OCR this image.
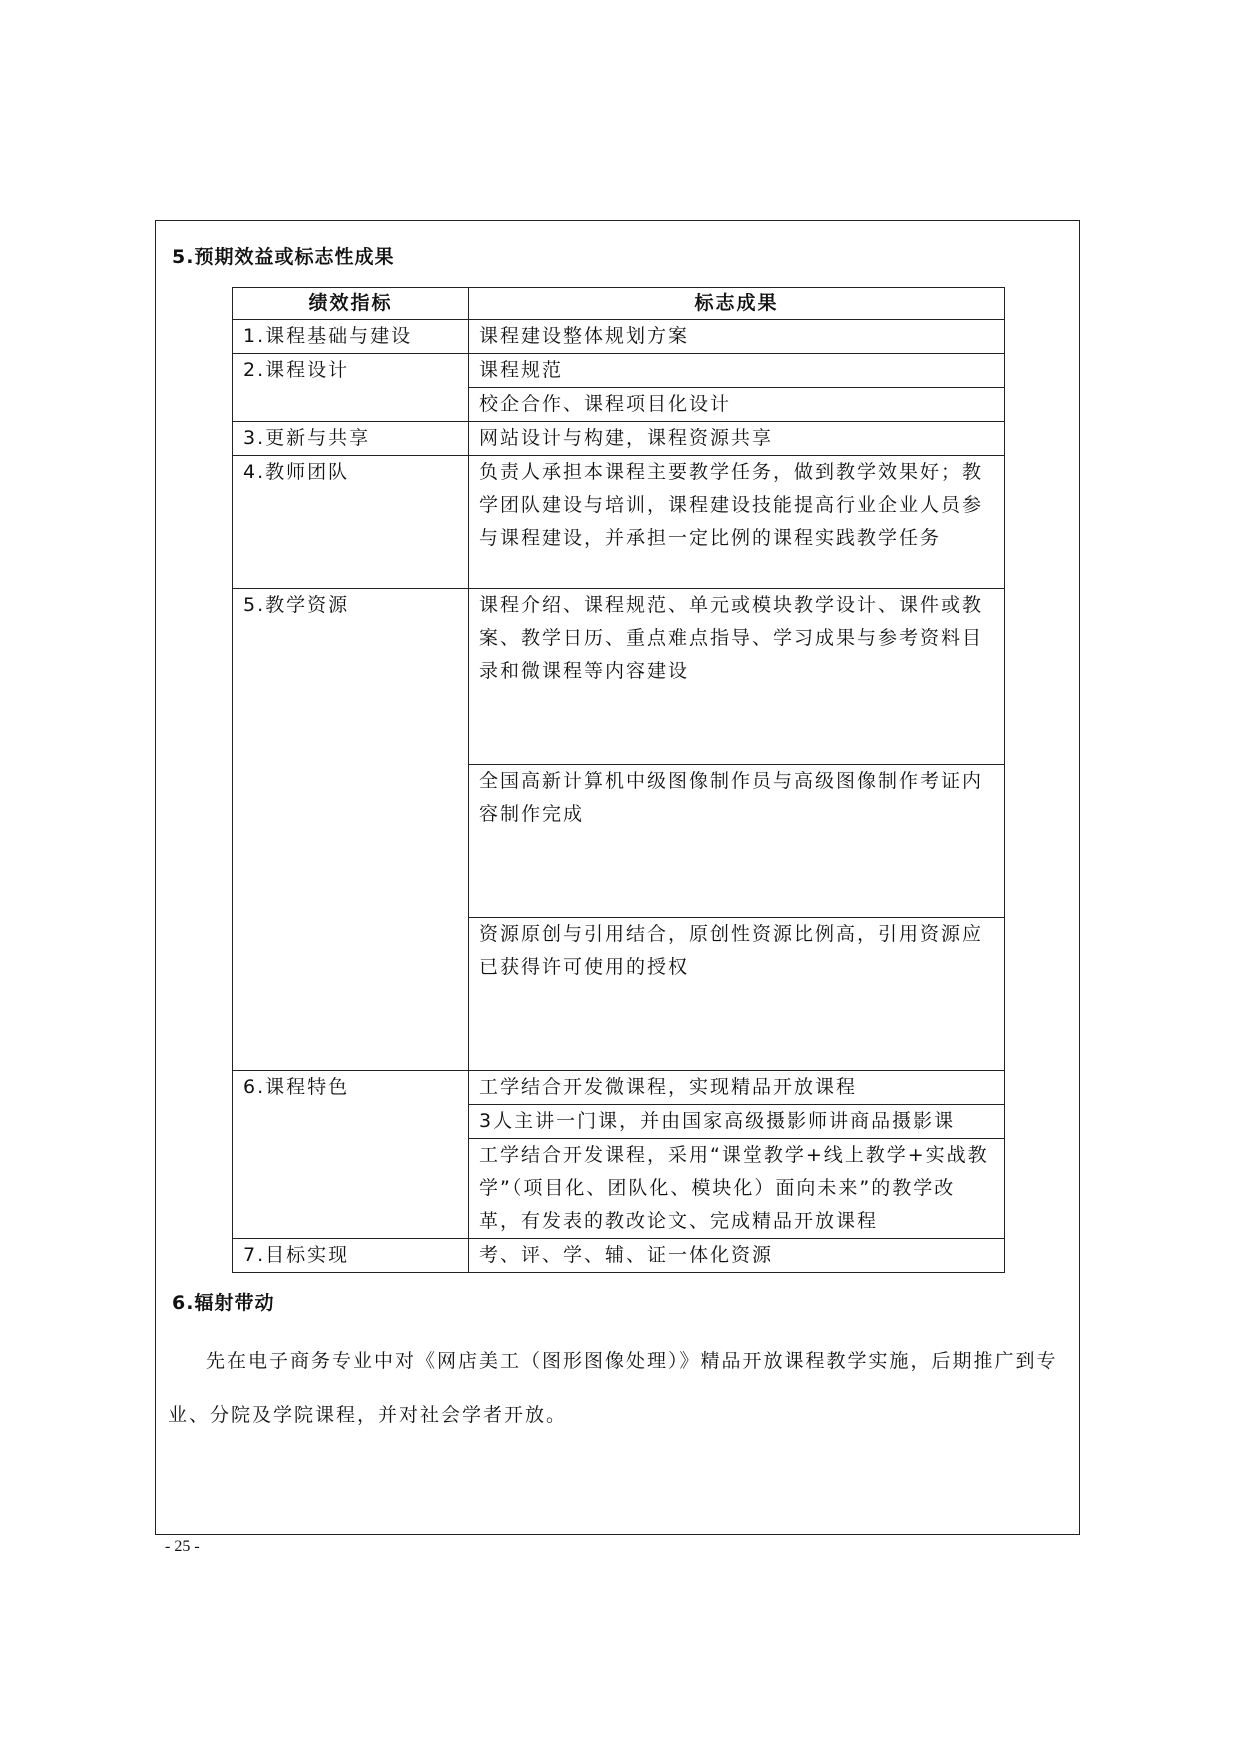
5.预期效益或标志性成果
绩效指标	标志成果
1.课程基础与建设	课程建设整体规划方案
2.课程设计	课程规范
	校企合作、课程项目化设计
3.更新与共享	网站设计与构建，课程资源共享
4.教师团队	负责人承担本课程主要教学任务，做到教学效果好；教学团队建设与培训，课程建设技能提高行业企业人员参与课程建设，并承担一定比例的课程实践教学任务
5.教学资源	课程介绍、课程规范、单元或模块教学设计、课件或教案、教学日历、重点难点指导、学习成果与参考资料目录和微课程等内容建设
	全国高新计算机中级图像制作员与高级图像制作考证内容制作完成
	资源原创与引用结合，原创性资源比例高，引用资源应已获得许可使用的授权
6.课程特色	工学结合开发微课程，实现精品开放课程
	3人主讲一门课，并由国家高级摄影师讲商品摄影课
	工学结合开发课程，采用“课堂教学+线上教学+实战教学”（项目化、团队化、模块化）面向未来”的教学改革，有发表的教改论文、完成精品开放课程
7.目标实现	考、评、学、辅、证一体化资源
6.辐射带动
先在电子商务专业中对《网店美工（图形图像处理）》精品开放课程教学实施，后期推广到专业、分院及学院课程，并对社会学者开放。
- 25 -
